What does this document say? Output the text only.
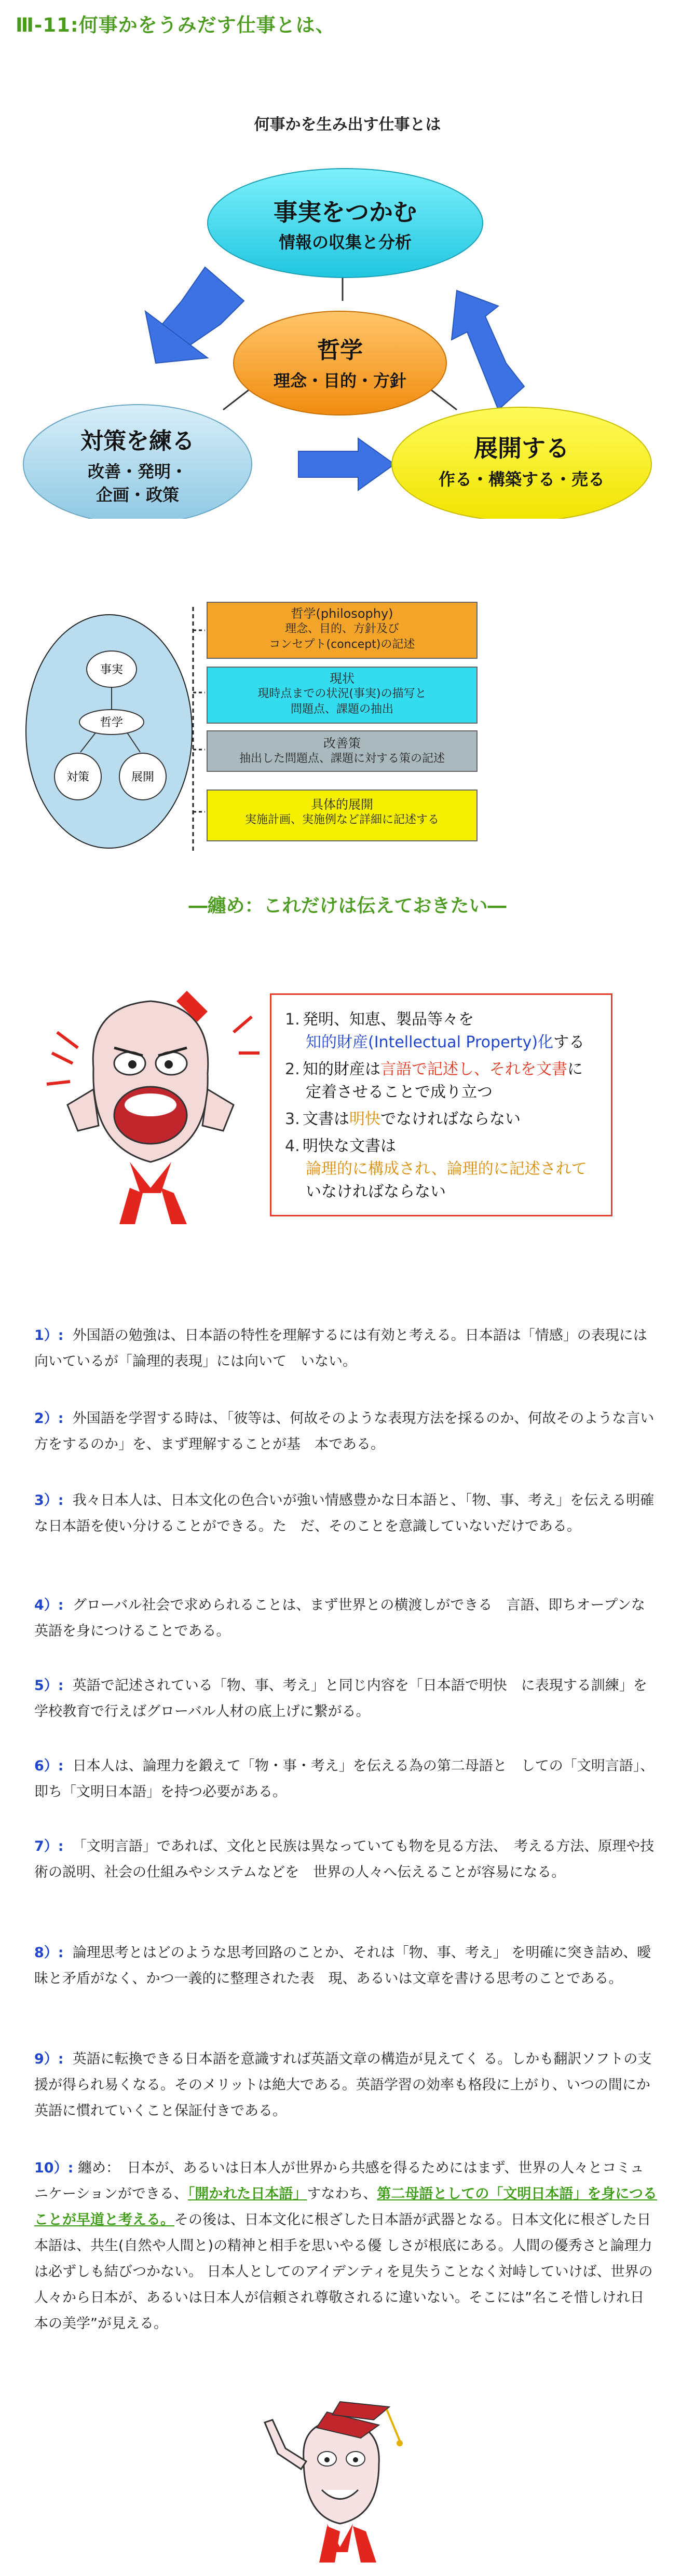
Ⅲ-11:何事かをうみだす仕事とは、
何事かを生み出す仕事とは
事実をつかむ
情報の収集と分析
哲学
理念・目的・方針
対策を練る
改善・発明・
企画・政策
展開する
作る・構築する・売る
事実
哲学
対策	展開
哲学(philosophy)
理念、目的、方針及び
コンセプト(concept)の記述
現状
現時点までの状況(事実)の描写と
問題点、課題の抽出
改善策
抽出した問題点、課題に対する策の記述
具体的展開
実施計画、実施例など詳細に記述する
―纏め：これだけは伝えておきたい―
1. 発明、知恵、製品等々を
知的財産(Intellectual Property)化する
2. 知的財産は言語で記述し、それを文書に
定着させることで成り立つ
3. 文書は明快でなければならない
4. 明快な文書は
論理的に構成され、論理的に記述されて
いなければならない
1）: 外国語の勉強は、日本語の特性を理解するには有効と考える。日本語は「情感」の表現には向いているが「論理的表現」には向いて　いない。
2）: 外国語を学習する時は、「彼等は、何故そのような表現方法を採るのか、何故そのような言い方をするのか」を、まず理解することが基　本である。
3）: 我々日本人は、日本文化の色合いが強い情感豊かな日本語と、「物、事、考え」を伝える明確な日本語を使い分けることができる。た　だ、そのことを意識していないだけである。
4）: グローバル社会で求められることは、まず世界との横渡しができる　言語、即ちオープンな英語を身につけることである。
5）: 英語で記述されている「物、事、考え」と同じ内容を「日本語で明快　に表現する訓練」を学校教育で行えばグローバル人材の底上げに繋がる。
6）: 日本人は、論理力を鍛えて「物・事・考え」を伝える為の第二母語と　しての「文明言語」、即ち「文明日本語」を持つ必要がある。
7）: 「文明言語」であれば、文化と民族は異なっていても物を見る方法、　考える方法、原理や技術の説明、社会の仕組みやシステムなどを　世界の人々へ伝えることが容易になる。
8）: 論理思考とはどのような思考回路のことか、それは「物、事、考え」 を明確に突き詰め、曖昧と矛盾がなく、かつ一義的に整理された表　現、あるいは文章を書ける思考のことである。
9）: 英語に転換できる日本語を意識すれば英語文章の構造が見えてく る。しかも翻訳ソフトの支援が得られ易くなる。そのメリットは絶大である。英語学習の効率も格段に上がり、いつの間にか英語に慣れていくこと保証付きである。
10）: 纏め：　日本が、あるいは日本人が世界から共感を得るためにはまず、世界の人々とコミュニケーションができる、「開かれた日本語」すなわち、第二母語としての「文明日本語」を身につることが早道と考える。その後は、日本文化に根ざした日本語が武器となる。日本文化に根ざした日本語は、共生(自然や人間と)の精神と相手を思いやる優 しさが根底にある。人間の優秀さと論理力は必ずしも結びつかない。 日本人としてのアイデンティを見失うことなく対峙していけば、世界の人々から日本が、あるいは日本人が信頼され尊敬されるに違いない。そこには”名こそ惜しけれ日本の美学”が見える。
